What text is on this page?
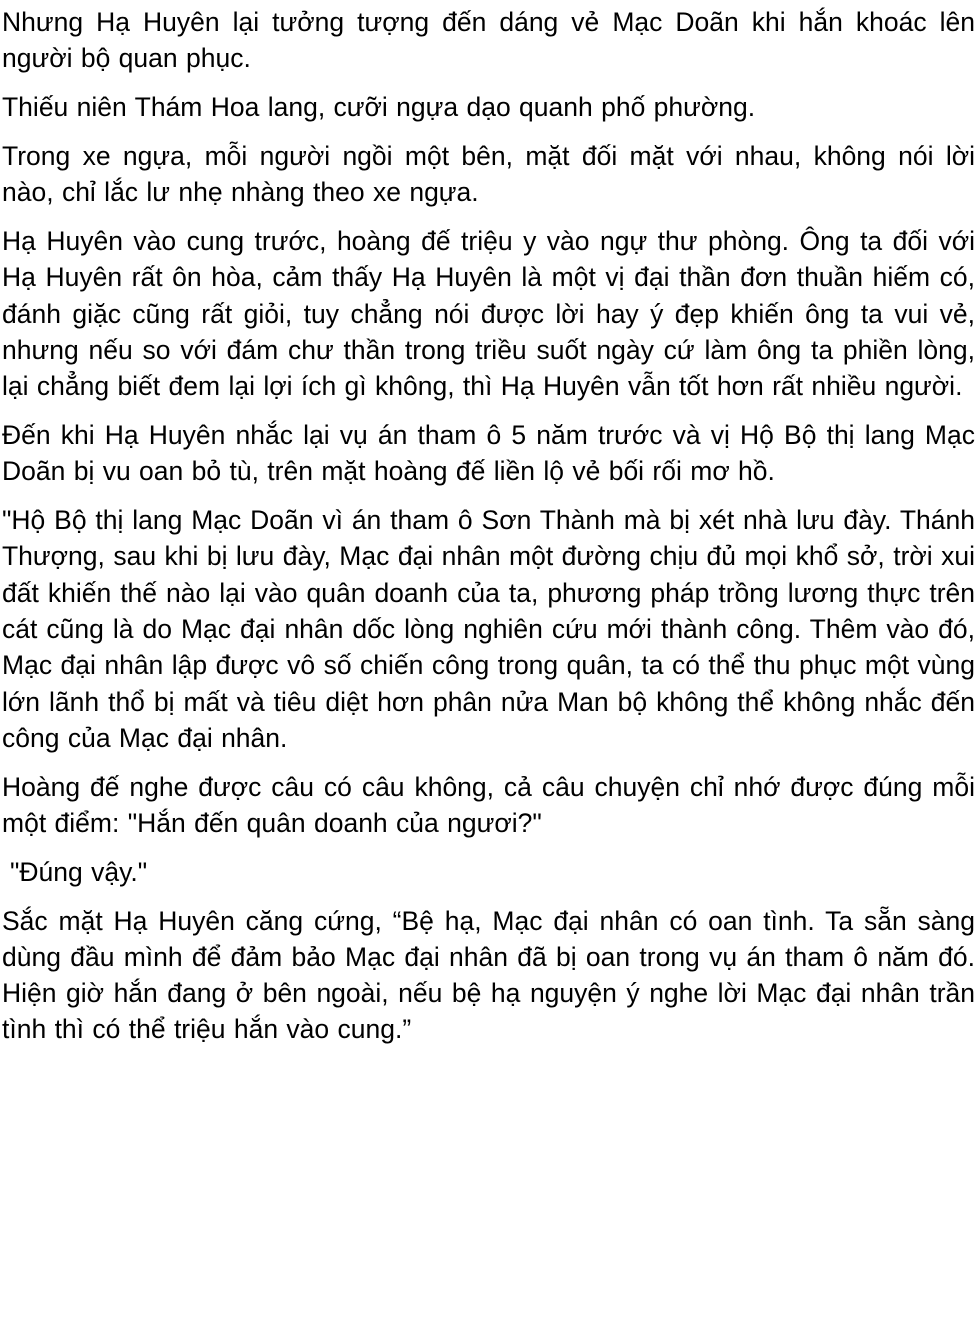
Nhưng Hạ Huyên lại tưởng tượng đến dáng vẻ Mạc Doãn khi hắn khoác lên người bộ quan phục.

Thiếu niên Thám Hoa lang, cưỡi ngựa dạo quanh phố phường.

Trong xe ngựa, mỗi người ngồi một bên, mặt đối mặt với nhau, không nói lời nào, chỉ lắc lư nhẹ nhàng theo xe ngựa.

Hạ Huyên vào cung trước, hoàng đế triệu y vào ngự thư phòng. Ông ta đối với Hạ Huyên rất ôn hòa, cảm thấy Hạ Huyên là một vị đại thần đơn thuần hiếm có, đánh giặc cũng rất giỏi, tuy chẳng nói được lời hay ý đẹp khiến ông ta vui vẻ, nhưng nếu so với đám chư thần trong triều suốt ngày cứ làm ông ta phiền lòng, lại chẳng biết đem lại lợi ích gì không, thì Hạ Huyên vẫn tốt hơn rất nhiều người.

Đến khi Hạ Huyên nhắc lại vụ án tham ô 5 năm trước và vị Hộ Bộ thị lang Mạc Doãn bị vu oan bỏ tù, trên mặt hoàng đế liền lộ vẻ bối rối mơ hồ.

"Hộ Bộ thị lang Mạc Doãn vì án tham ô Sơn Thành mà bị xét nhà lưu đày. Thánh Thượng, sau khi bị lưu đày, Mạc đại nhân một đường chịu đủ mọi khổ sở, trời xui đất khiến thế nào lại vào quân doanh của ta, phương pháp trồng lương thực trên cát cũng là do Mạc đại nhân dốc lòng nghiên cứu mới thành công. Thêm vào đó, Mạc đại nhân lập được vô số chiến công trong quân, ta có thể thu phục một vùng lớn lãnh thổ bị mất và tiêu diệt hơn phân nửa Man bộ không thể không nhắc đến công của Mạc đại nhân.

Hoàng đế nghe được câu có câu không, cả câu chuyện chỉ nhớ được đúng mỗi một điểm: "Hắn đến quân doanh của ngươi?"

"Đúng vậy."

Sắc mặt Hạ Huyên căng cứng, “Bệ hạ, Mạc đại nhân có oan tình. Ta sẵn sàng dùng đầu mình để đảm bảo Mạc đại nhân đã bị oan trong vụ án tham ô năm đó. Hiện giờ hắn đang ở bên ngoài, nếu bệ hạ nguyện ý nghe lời Mạc đại nhân trần tình thì có thể triệu hắn vào cung.”
